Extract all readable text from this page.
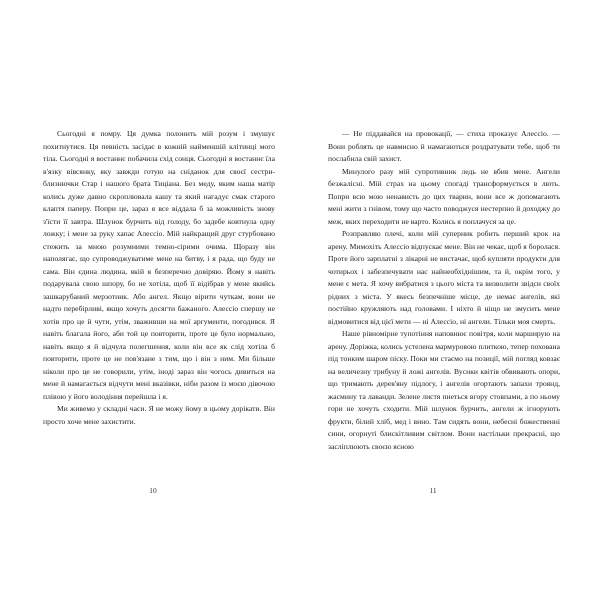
Сьогодні я помру. Ця думка полонить мій розум і змушує похитнутися. Ця певність засідає в кожній найменшій клітинці мого тіла. Сьогодні я востаннє побачила схід сонця. Сьогодні я востаннє їла в'язку вівсянку, яку завжди готую на сніданок для своєї сестри-близнючки Стар і нашого брата Тиціана. Без меду, яким наша матір колись дуже давно скроплювала кашу та який нагадує смак старого клаптя паперу. Попри це, зараз я все віддала б за можливість знову з'їсти її завтра. Шлунок бурчить від голоду, бо задебе ковтнула одну ложку; і мене за руку хапає Алессіо. Мій найкращий друг стурбовано стежить за мною розумними темно-сірими очима. Щоразу він наполягає, що супроводжуватиме мене на битву, і я рада, що буду не сама. Він єдина людина, якій я безперечно довіряю. Йому я навіть подарувала свою шпору, бо не хотіла, щоб її відібрав у мене якийсь зашкарубаний мерзотник. Або ангел. Якщо вірити чуткам, вони не надто перебірливі, якщо хочуть досягти бажаного. Алессіо спершу не хотів про це й чути, утім, зваживши на мої аргументи, погодився. Я навіть благала його, аби той це повторити, проте це було нормально, навіть якщо я й відчула полегшення, коли він все як слід хотіла б повторити, проте це не пов'язане з тим, що і він з ним. Ми більше ніколи про це не говорили, утім, іноді зараз він чогось дивиться на мене й намагається відчути мені вказівки, ніби разом із моєю дівочою плівою у його володіння перейшла і я.

Ми живемо у складні часи. Я не можу йому в цьому дорікати. Він просто хоче мене захистити.

10

— Не піддавайся на провокації, — стиха проказує Алессіо. — Вони роблять це навмисно й намагаються роздратувати тебе, щоб ти послабила свій захист.

Минулого разу мій супротивник ледь не вбив мене. Ангели безжалісні. Мій страх на цьому спогаді трансформується в лють. Попри всю мою ненависть до цих тварин, вони все ж допомагають мені жити з гнівом, тому що часто поводжуся нестерпно й доходжу до меж, яких переходити не варто. Колись я поплачуся за це.

Розправляю плечі, коли мій суперник робить перший крок на арену. Мимохіть Алессіо відпускає мене. Він не чекає, щоб я боролася. Проте його зарплатні з лікарні не вистачає, щоб купляти продукти для чотирьох і забезпечувати нас найнеобхіднішим, та й, окрім того, у мене є мета. Я хочу вибратися з цього міста та визволити звідси своїх рідних з міста. У якесь безпечніше місце, де немає ангелів, які постійно кружляють над головами. І ніхто й ніщо не змусить мене відмовитися від цієї мети — ні Алессіо, ні ангели. Тільки моя смерть.

Наше рівномірне тупотіння наповнює повітря, коли марширую на арену. Доріжка, колись устелена мармуровою плиткою, тепер похована під тонким шаром піску. Поки ми стаємо на позиції, мій погляд ковзає на величезну трибуну й ложі ангелів. Вусики квітів обвивають опори, що тримають дерев'яну підлогу, і ангелів огортають запахи троянд, жасмину та лаванди. Зелене листя пнеться вгору стовпами, а по ньому гори не хочуть сходити. Мій шлунок бурчить, ангели ж ігнорують фрукти, білий хліб, мед і вино. Там сидять вони, небесні божественні сини, огорнуті блискітливим світлом. Вони настільки прекрасні, що засліплюють своєю ясною

11
